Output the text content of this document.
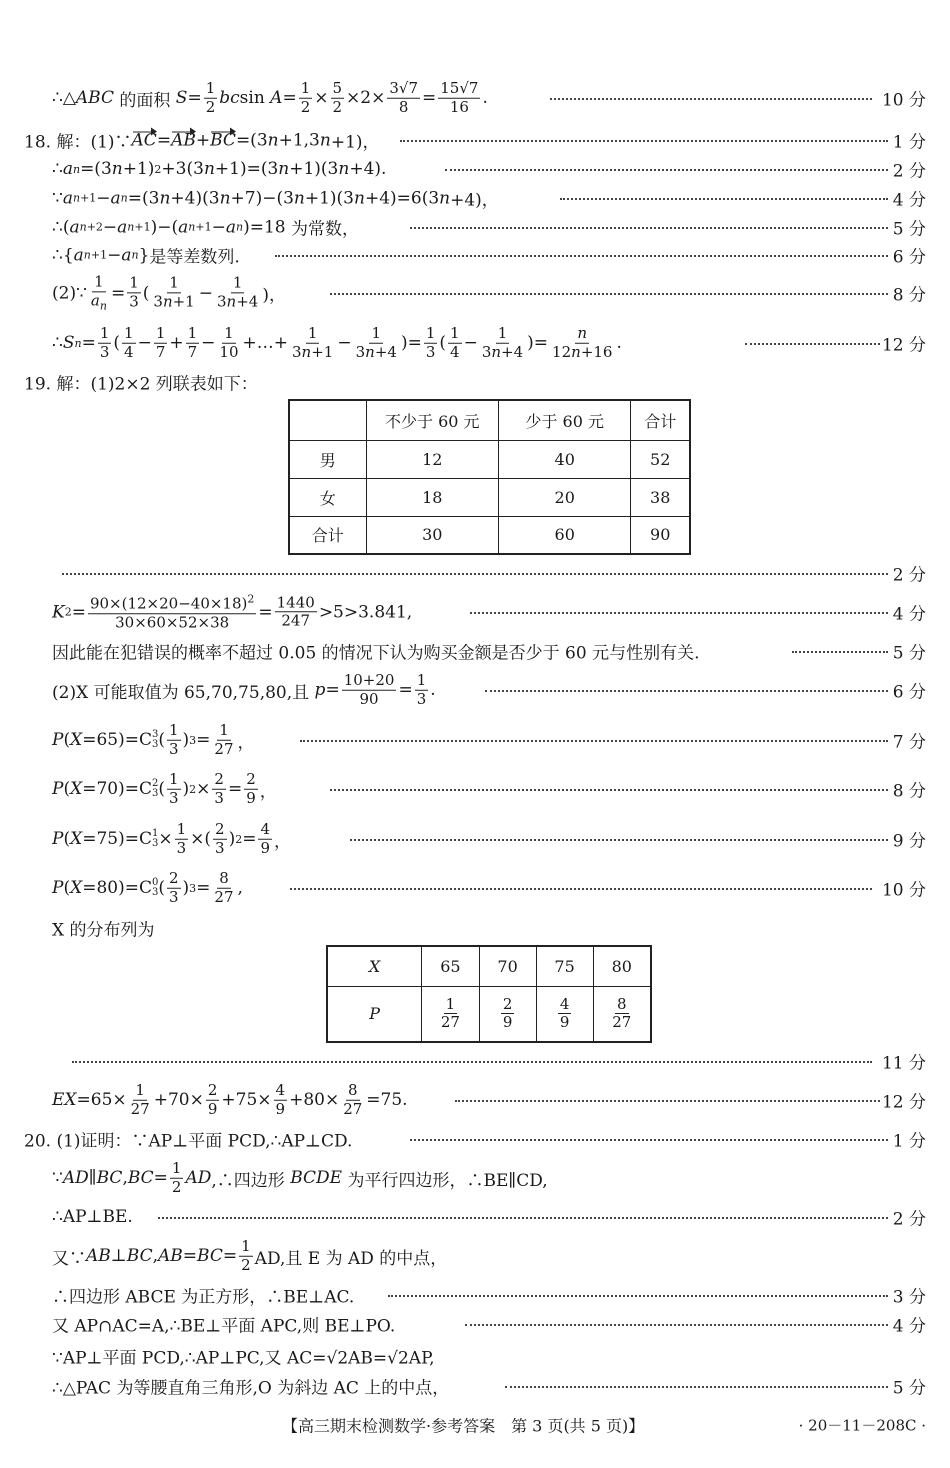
∴△ ABC 的面积 $S = \frac{1}{2}$ bc $\sin A = \frac{1}{2} \times \frac{5}{2} \times 2\times \frac{3√7}{8} = \frac{15√7}{16}$ .	10 分
18. 解：(1)∵ AC = AB + BC =(3 n +1,3 n +1)，	1 分
∴ a n =(3 n +1) 2 +3(3 n +1)=(3 n +1)(3 n +4).	2 分
∵ a n+1 − a n =(3 n +4)(3 n +7)−(3 n +1)(3 n +4)=6(3 n +4)，	4 分
∴( a n+2 − a n+1 )−( a n+1 − a n )=18 为常数，	5 分
∴{ a n+1 − a n } 是等差数列.	6 分
(2)∵ $\frac{1}{a_n} = \frac{1}{3}$ ( $\frac{1}{3n+1} - \frac{1}{3n+4}$ )，	8 分
∴ S $n = \frac{1}{3}$ ( $\frac{1}{4} - \frac{1}{7} + \frac{1}{7} - \frac{1}{10}$ +…+ $\frac{1}{3n+1} - \frac{1}{3n+4}$ )= $\frac{1}{3}$ ( $\frac{1}{4} - \frac{1}{3n+4}$ )= $\frac{n}{12n+16}$ .	12 分
19. 解：(1)2×2 列联表如下：
	不少于 60 元	少于 60 元	合计
男	12	40	52
女	18	20	38
合计	30	60	90
2 分
K $2 = \frac{90\times(12\times 20-40\times 18)^2}{30\times 60\times 52\times 38} = \frac{1440}{247} >5>3.841$,	4 分
因此能在犯错误的概率不超过 0.05 的情况下认为购买金额是否少于 60 元与性别有关.	5 分
(2)X 可能取值为 65,70,75,80,且
$p = \frac{10+20}{90} = \frac{1}{3}$ .	6 分
P ( X =65)=C 3
3 ( $\frac{1}{3}$ ) $3 = \frac{1}{27}$ ，	7 分
P ( X =70)=C 2
3 ( $\frac{1}{3}$ ) $2 \times \frac{2}{3} = \frac{2}{9}$ ，	8 分
P ( X =75)=C 1
$3 \times \frac{1}{3}$ ×( $\frac{2}{3}$ ) $2 = \frac{4}{9}$ ，	9 分
P ( X =80)=C 0
3 ( $\frac{2}{3}$ ) $3 = \frac{8}{27}$ ,	10 分
X 的分布列为
X	65	70	75	80
P	$\frac{1}{27}$	$\frac{2}{9}$	$\frac{4}{9}$	$\frac{8}{27}$
11 分
EX $=65\times \frac{1}{27} +70\times \frac{2}{9} +75\times \frac{4}{9} +80\times \frac{8}{27} =75$.	12 分
20. (1)证明：∵AP⊥平面 PCD,∴AP⊥CD.	1 分
∵ AD ∥ BC , BC = $\frac{1}{2}$ AD ,∴四边形 BCDE
为平行四边形，∴BE∥CD,
∴AP⊥BE.	2 分
又∵ AB ⊥ BC , AB = BC = $\frac{1}{2}$ AD,且 E 为 AD 的中点，
∴四边形 ABCE 为正方形，∴BE⊥AC.	3 分
又 AP∩AC=A,∴BE⊥平面 APC,则 BE⊥PO.	4 分
∵AP⊥平面 PCD,∴AP⊥PC,又 AC=√2AB=√2AP,
∴△PAC 为等腰直角三角形,O 为斜边 AC 上的中点，	5 分
【高三期末检测数学·参考答案　第 3 页(共 5 页)】	· 20－11－208C ·
